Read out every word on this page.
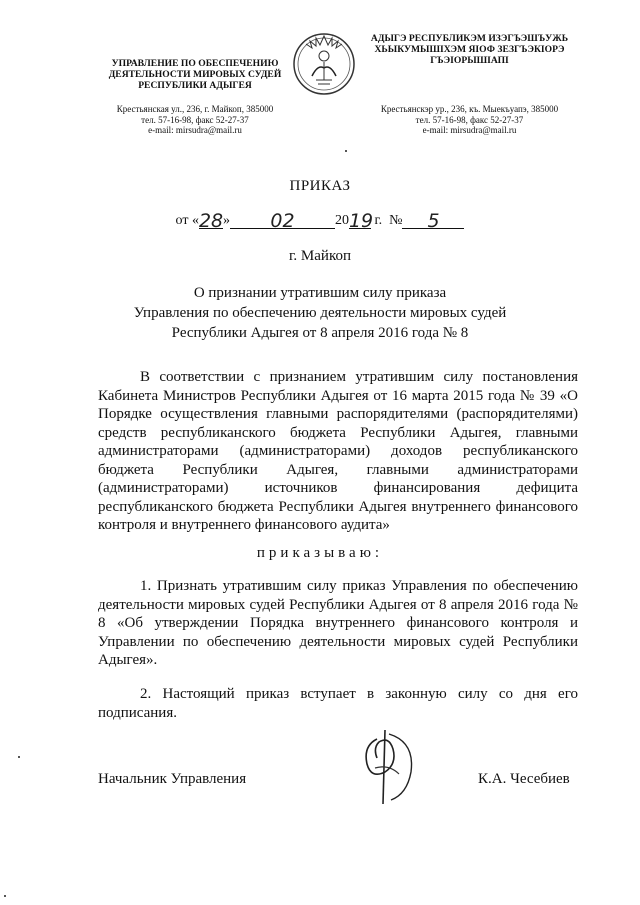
УПРАВЛЕНИЕ ПО ОБЕСПЕЧЕНИЮ
ДЕЯТЕЛЬНОСТИ МИРОВЫХ СУДЕЙ
РЕСПУБЛИКИ АДЫГЕЯ
Крестьянская ул., 236, г. Майкоп, 385000
тел. 57-16-98, факс 52-27-37
e-mail: mirsudra@mail.ru
АДЫГЭ РЕСПУБЛИКЭМ ИЗЭГЪЭШЪУЖЬ
ХЬЫКУМЫШІХЭМ ЯІОФ ЗЕЗГЪЭКІОРЭ
ГЪЭІОРЫШІАПІ
Крестьянскэр ур., 236, къ. Мыекъуапэ, 385000
тел. 57-16-98, факс 52-27-37
e-mail: mirsudra@mail.ru
ПРИКАЗ
от «28» 02	2019 г.  № 5
г. Майкоп
О признании утратившим силу приказа
Управления по обеспечению деятельности мировых судей
Республики Адыгея от 8 апреля 2016 года № 8
В соответствии с признанием утратившим силу постановления Кабинета Министров Республики Адыгея от 16 марта 2015 года № 39 «О Порядке осуществления главными распорядителями (распорядителями) средств республиканского бюджета Республики Адыгея, главными администраторами (администраторами) доходов республиканского бюджета Республики Адыгея, главными администраторами (администраторами) источников финансирования дефицита республиканского бюджета Республики Адыгея внутреннего финансового контроля и внутреннего финансового аудита»
приказываю:
1. Признать утратившим силу приказ Управления по обеспечению деятельности мировых судей Республики Адыгея от 8 апреля 2016 года № 8 «Об утверждении Порядка внутреннего финансового контроля и Управлении по обеспечению деятельности мировых судей Республики Адыгея».
2. Настоящий приказ вступает в законную силу со дня его подписания.
Начальник Управления	К.А. Чесебиев
